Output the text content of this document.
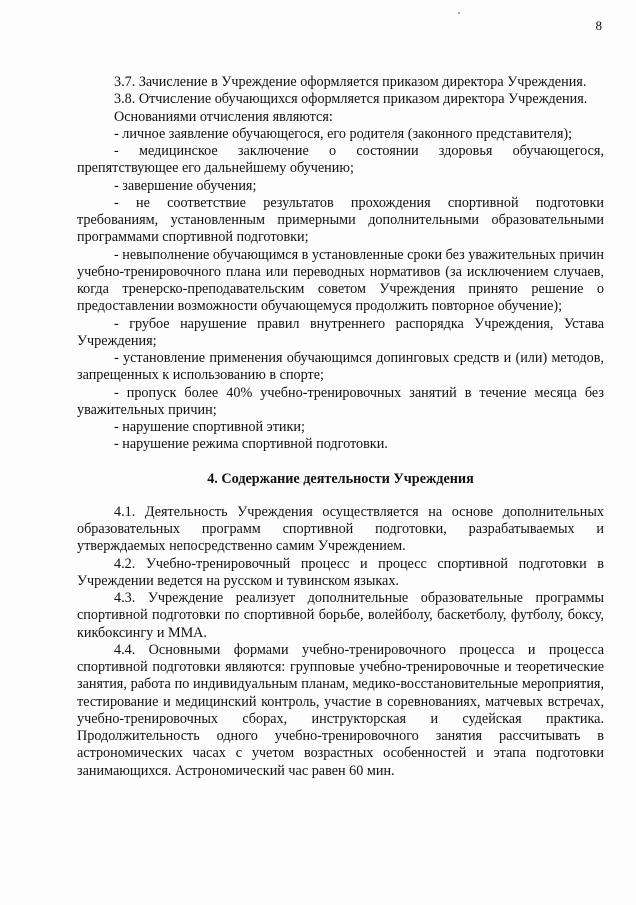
8

3.7. Зачисление в Учреждение оформляется приказом директора Учреждения.

3.8. Отчисление обучающихся оформляется приказом директора Учреждения.

Основаниями отчисления являются:

- личное заявление обучающегося, его родителя (законного представителя);

- медицинское заключение о состоянии здоровья обучающегося, препятствующее его дальнейшему обучению;

- завершение обучения;

- не соответствие результатов прохождения спортивной подготовки требованиям, установленным примерными дополнительными образовательными программами спортивной подготовки;

- невыполнение обучающимся в установленные сроки без уважительных причин учебно-тренировочного плана или переводных нормативов (за исключением случаев, когда тренерско-преподавательским советом Учреждения принято решение о предоставлении возможности обучающемуся продолжить повторное обучение);

- грубое нарушение правил внутреннего распорядка Учреждения, Устава Учреждения;

- установление применения обучающимся допинговых средств и (или) методов, запрещенных к использованию в спорте;

- пропуск более 40% учебно-тренировочных занятий в течение месяца без уважительных причин;

- нарушение спортивной этики;

- нарушение режима спортивной подготовки.

4. Содержание деятельности Учреждения

4.1. Деятельность Учреждения осуществляется на основе дополнительных образовательных программ спортивной подготовки, разрабатываемых и утверждаемых непосредственно самим Учреждением.

4.2. Учебно-тренировочный процесс и процесс спортивной подготовки в Учреждении ведется на русском и тувинском языках.

4.3. Учреждение реализует дополнительные образовательные программы спортивной подготовки по спортивной борьбе, волейболу, баскетболу, футболу, боксу, кикбоксингу и ММА.

4.4. Основными формами учебно-тренировочного процесса и процесса спортивной подготовки являются: групповые учебно-тренировочные и теоретические занятия, работа по индивидуальным планам, медико-восстановительные мероприятия, тестирование и медицинский контроль, участие в соревнованиях, матчевых встречах, учебно-тренировочных сборах, инструкторская и судейская практика. Продолжительность одного учебно-тренировочного занятия рассчитывать в астрономических часах с учетом возрастных особенностей и этапа подготовки занимающихся. Астрономический час равен 60 мин.
